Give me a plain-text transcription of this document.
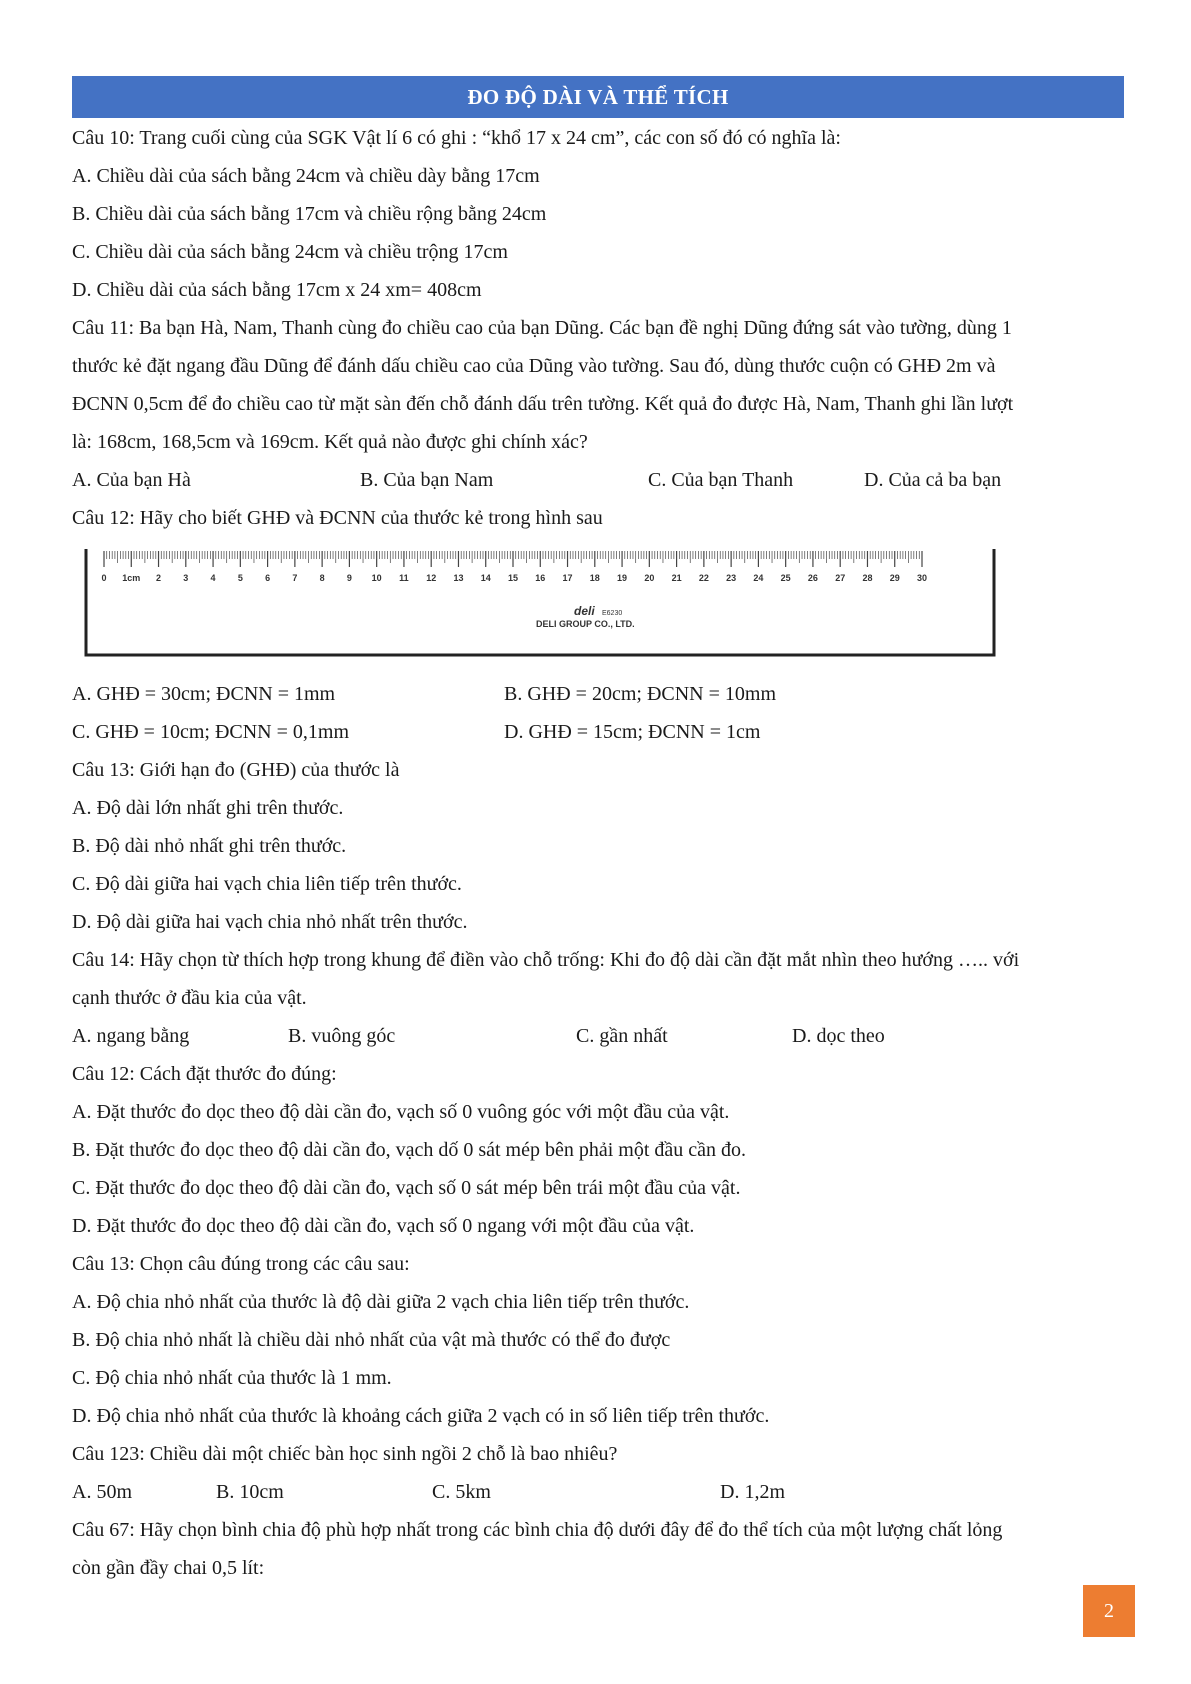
ĐO ĐỘ DÀI VÀ THỂ TÍCH
Câu 10: Trang cuối cùng của SGK Vật lí 6 có ghi : “khổ 17 x 24 cm”, các con số đó có nghĩa là:
A. Chiều dài của sách bằng 24cm và chiều dày bằng 17cm
B. Chiều dài của sách bằng 17cm và chiều rộng bằng 24cm
C. Chiều dài của sách bằng 24cm và chiều trộng 17cm
D. Chiều dài của sách bằng 17cm x 24 xm= 408cm
Câu 11: Ba bạn Hà, Nam, Thanh cùng đo chiều cao của bạn Dũng. Các bạn đề nghị Dũng đứng sát vào tường, dùng 1
thước kẻ đặt ngang đầu Dũng để đánh dấu chiều cao của Dũng vào tường. Sau đó, dùng thước cuộn có GHĐ 2m và
ĐCNN 0,5cm để đo chiều cao từ mặt sàn đến chỗ đánh dấu trên tường. Kết quả đo được Hà, Nam, Thanh ghi lần lượt
là: 168cm, 168,5cm và 169cm. Kết quả nào được ghi chính xác?
A. Của bạn Hà	B. Của bạn Nam	C. Của bạn Thanh	D. Của cả ba bạn
Câu 12: Hãy cho biết GHĐ và ĐCNN của thước kẻ trong hình sau
0 1cm 2 3 4 5 6 7 8 9 10 11 12 13 14 15 16 17 18 19 20 21 22 23 24 25 26 27 28 29 30
deli E6230
DELI GROUP CO., LTD.
A. GHĐ = 30cm; ĐCNN = 1mm	B. GHĐ = 20cm; ĐCNN = 10mm
C. GHĐ = 10cm; ĐCNN = 0,1mm	D. GHĐ = 15cm; ĐCNN = 1cm
Câu 13: Giới hạn đo (GHĐ) của thước là
A. Độ dài lớn nhất ghi trên thước.
B. Độ dài nhỏ nhất ghi trên thước.
C. Độ dài giữa hai vạch chia liên tiếp trên thước.
D. Độ dài giữa hai vạch chia nhỏ nhất trên thước.
Câu 14: Hãy chọn từ thích hợp trong khung để điền vào chỗ trống: Khi đo độ dài cần đặt mắt nhìn theo hướng ….. với
cạnh thước ở đầu kia của vật.
A. ngang bằng	B. vuông góc	C. gần nhất	D. dọc theo
Câu 12: Cách đặt thước đo đúng:
A. Đặt thước đo dọc theo độ dài cần đo, vạch số 0 vuông góc với một đầu của vật.
B. Đặt thước đo dọc theo độ dài cần đo, vạch dố 0 sát mép bên phải một đầu cần đo.
C. Đặt thước đo dọc theo độ dài cần đo, vạch số 0 sát mép bên trái một đầu của vật.
D. Đặt thước đo dọc theo độ dài cần đo, vạch số 0 ngang với một đầu của vật.
Câu 13: Chọn câu đúng trong các câu sau:
A. Độ chia nhỏ nhất của thước là độ dài giữa 2 vạch chia liên tiếp trên thước.
B. Độ chia nhỏ nhất là chiều dài nhỏ nhất của vật mà thước có thể đo được
C. Độ chia nhỏ nhất của thước là 1 mm.
D. Độ chia nhỏ nhất của thước là khoảng cách giữa 2 vạch có in số liên tiếp trên thước.
Câu 123: Chiều dài một chiếc bàn học sinh ngồi 2 chỗ là bao nhiêu?
A. 50m	B. 10cm	C. 5km	D. 1,2m
Câu 67: Hãy chọn bình chia độ phù hợp nhất trong các bình chia độ dưới đây để đo thể tích của một lượng chất lỏng
còn gần đầy chai 0,5 lít:
2
